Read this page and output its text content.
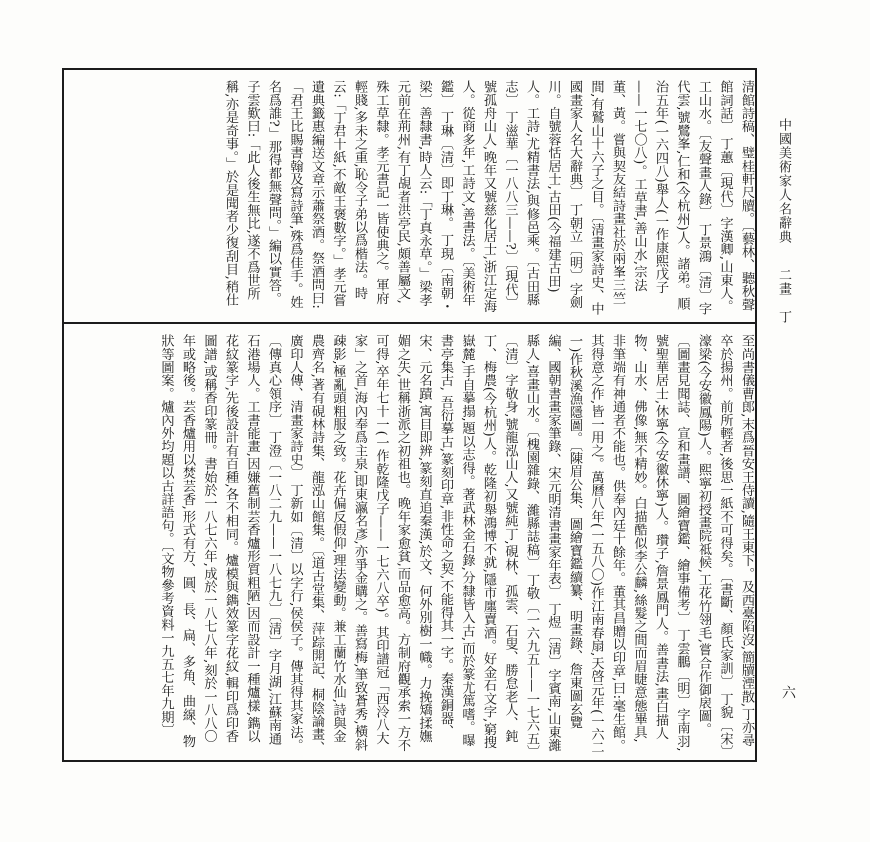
中國美術家人名辭典 　 二畫　丁
六
清館詩稿、璧桂軒尺牘。〔藝林、聽秋聲館詞話〕 丁蕙〔現代〕字漢卿,山東人。工山水。〔友聲畫人錄〕 丁景鴻〔清〕字代雲,號鷺峯,仁和(今杭州)人。諸弟。順治五年(一六四八)舉人(一作康熙戊子——一七〇八)。工草書,善山水,宗法董、黃。嘗與契友結詩畫社於兩峯三竺間,有鷲山十六子之目。〔清畫家詩史、中國畫家人名大辭典〕 丁朝立〔明〕字劍川。自號蓉恬居士,古田(今福建古田)人。工詩,尤精書法,與修邑乘。〔古田縣志〕 丁滋華〔一八八三——?〕〔現代〕號孤舟山人,晚年又號慈化居士,浙江定海人。從商多年,工詩文,善書法。〔美術年鑑〕 丁琳〔清〕即丁琳。 丁現〔南朝・梁〕善隸書,時人云:「丁真永草。」梁孝元前在荊州,有丁覘者洪亭民,頗善屬文,殊工草隸。孝元書記一皆使典之。軍府輕賤,多未之重,恥令子弟以爲楷法。時云:「丁君十紙,不敵王褒數字。」孝元嘗遺典籤惠編送文章示蕭祭酒。祭酒問曰:「君王比賜書翰及寫詩筆,殊爲佳手。姓名爲誰?」那得都無聲問。」編以實答。子雲歎曰:「此人後生無比,遂不爲世所稱,亦是奇事。」於是聞者少復刮目,稍仕
至尚書儀曹郎,末爲晉安王侍讀,隨王東下。及西臺陷沒,簡牘湮散,丁亦尋卒於揚州。前所輕者,後思一紙不可得矣。〔書斷、顏氏家訓〕 丁貌〔宋〕濠梁(今安徽鳳陽)人。熙寧初授畫院祗候,工花竹翎毛,嘗合作御扆圖。〔圖畫見聞誌、宣和畫譜、圖繪寶鑑、繪事備考〕 丁雲鵬〔明〕字南羽,號聖華居士,休寧(今安徽休寧)人。瓚子,詹景鳳門人。善書法,畫白描人物、山水、佛像,無不精妙。白描酷似李公麟,絲髮之間而眉睫意態畢具,非筆端有神通者不能也。供奉內廷十餘年。董其昌贈以印章,曰:毫生館。其得意之作,皆一用之。萬曆八年(一五八〇)作江南春扇,天啓元年(一六二一)作秋溪漁隱圖。〔陳眉公集、圖繪寶鑑續纂、明畫錄、詹東圖玄覽編、國朝書畫家筆錄、宋元明清書畫家年表〕 丁煜〔清〕字賓南,山東濰縣人,喜畫山水。〔槐園雜錄、濰縣誌稿〕 丁敬〔一六九五——一七六五〕〔清〕字敬身,號龍泓山人,又號純丁,硯林、孤雲、石叟、勝怠老人、鈍丁、梅農(今杭州)人。乾隆初舉鴻博不就,隱市廛賣酒。好金石文字,窮搜嶽麓,手自摹搨,題以志得。著武林金石錄,分隸皆入古,而於篆尤篤嗜。曝書亭集古, 吾衍摹古,篆刻印章,非性命之契,不能得其一字。秦漢銅器、宋、元名蹟,寓目即辨,篆刻直追秦漢,於文、何外別樹一幟。力挽矯揉嫵媚之失,世稱浙派之初祖也。晚年家愈貧,而品愈高。方制府觀承索一方不可得,卒年七十一(一作乾隆戊子——一七六八卒)。其印譜冠「西泠八大家」之首,海內奉爲主泉,即東瀛名彥,亦爭金購之。善寫梅,筆致蒼秀,橫斜疎影,極亂頭粗服之致。花卉偏反假仰,理法變動。兼工蘭竹水仙,詩與金農齊名,著有硯林詩集、龍泓山館集。〔道古堂集、萍踪開記、桐陰論畫、廣印人傳、清畫家詩史〕 丁新如〔清〕以字行,侯侯子。傳其得其家法。〔傳真心領序〕 丁澄〔一八二九——一八七九〕〔清〕字月湖,江蘇南通石港場人。工書能畫,因嫌舊制芸香爐形質粗陋,因而設計一種爐樣,鐫以花紋篆字,先後設計有百種,各不相同。爐模與鐫效篆字花紋,輯印爲印香圖譜,或稱香印篆冊。書始於一八七六年,成於一八七八年,刻於一八八〇年或略後。芸香爐用以焚芸香,形式有方、圓、長、扁、多角、曲線、物狀等圖案。爐內外均題以古詳語句。〔文物參考資料一九五七年九期〕
